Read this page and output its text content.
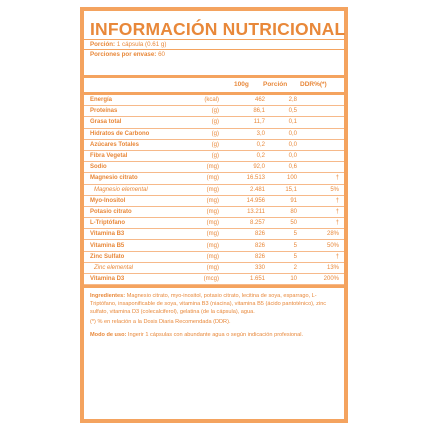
INFORMACIÓN NUTRICIONAL
Porción: 1 cápsula (0.61 g)
Porciones por envase: 60
100g Porción DDR%(*)
Energía	(kcal)	462	2,8	
Proteínas	(g)	86,1	0,5	
Grasa total	(g)	11,7	0,1	
Hidratos de Carbono	(g)	3,0	0,0	
Azúcares Totales	(g)	0,2	0,0	
Fibra Vegetal	(g)	0,2	0,0	
Sodio	(mg)	92,0	0,6	
Magnesio citrato	(mg)	16.513	100	†
Magnesio elemental	(mg)	2.481	15,1	5%
Myo-Inositol	(mg)	14.956	91	†
Potasio citrato	(mg)	13.211	80	†
L-Triptófano	(mg)	8.257	50	†
Vitamina B3	(mg)	826	5	28%
Vitamina B5	(mg)	826	5	50%
Zinc Sulfato	(mg)	826	5	†
Zinc elemental	(mg)	330	2	13%
Vitamina D3	(mcg)	1.651	10	200%

Ingredientes: Magnesio citrato, myo-inositol, potasio citrato, lecitina de soya, esparrago, L-Triptófano, insaponificable de soya, vitamina B3 (niacina), vitamina B5 (ácido pantoténico), zinc sulfato, vitamina D3 (colecalciferol), gelatina (de la cápsula), agua.

(*) % en relación a la Dosis Diaria Recomendada (DDR).

Modo de uso: Ingerir 1 cápsulas con abundante agua o según indicación profesional.
